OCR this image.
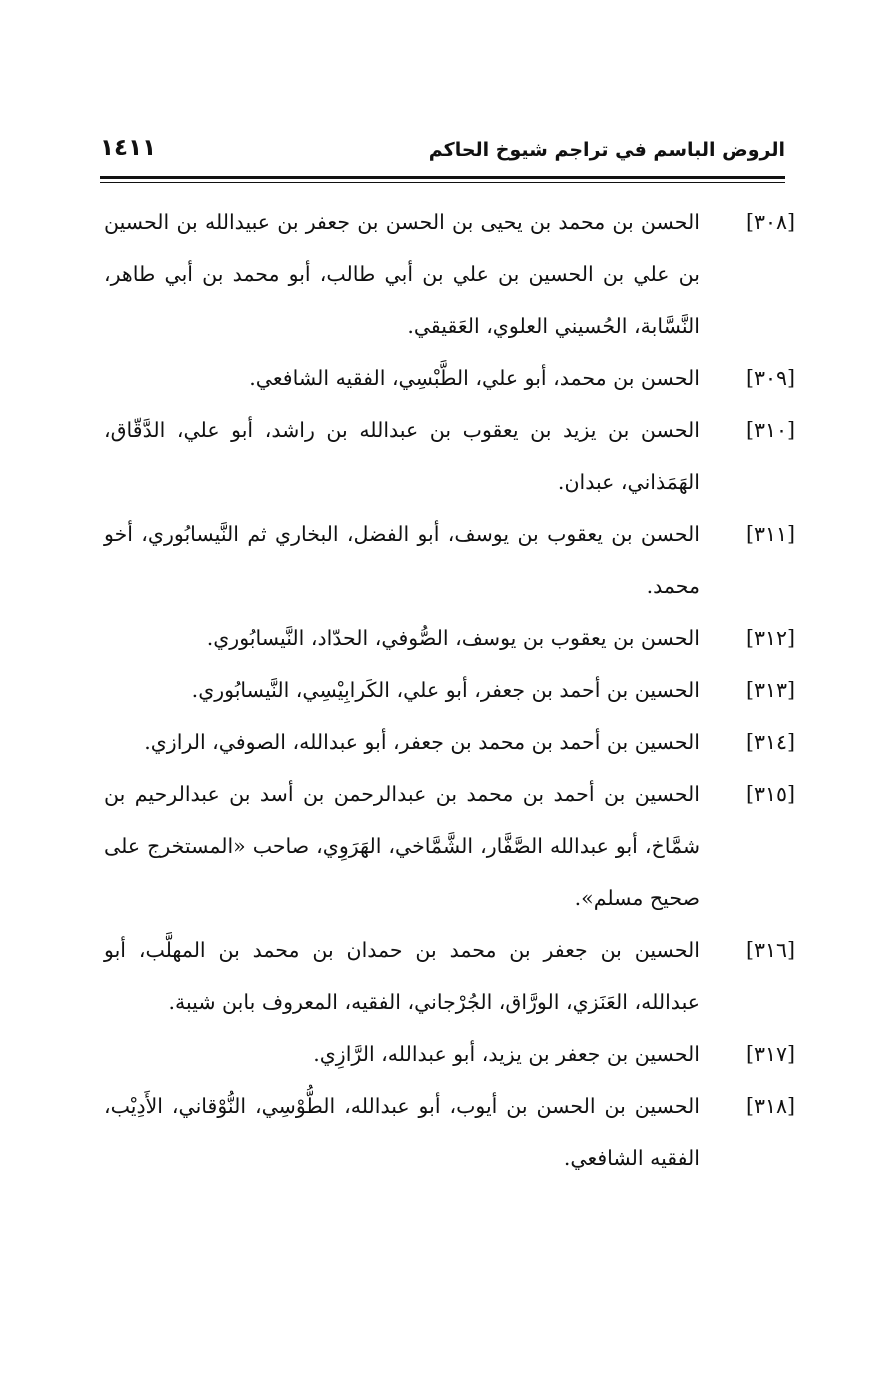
الروض الباسم في تراجم شيوخ الحاكم
١٤١١
[٣٠٨]
الحسن بن محمد بن يحيى بن الحسن بن جعفر بن عبيدالله بن الحسين بن علي بن الحسين بن علي بن أبي طالب، أبو محمد بن أبي طاهر، النَّسَّابة، الحُسيني العلوي، العَقيقي.
[٣٠٩]
الحسن بن محمد، أبو علي، الطَّبْسِي، الفقيه الشافعي.
[٣١٠]
الحسن بن يزيد بن يعقوب بن عبدالله بن راشد، أبو علي، الدَّقّاق، الهَمَذاني، عبدان.
[٣١١]
الحسن بن يعقوب بن يوسف، أبو الفضل، البخاري ثم النَّيسابُوري، أخو محمد.
[٣١٢]
الحسن بن يعقوب بن يوسف، الصُّوفي، الحدّاد، النَّيسابُوري.
[٣١٣]
الحسين بن أحمد بن جعفر، أبو علي، الكَرابِيْسِي، النَّيسابُوري.
[٣١٤]
الحسين بن أحمد بن محمد بن جعفر، أبو عبدالله، الصوفي، الرازي.
[٣١٥]
الحسين بن أحمد بن محمد بن عبدالرحمن بن أسد بن عبدالرحيم بن شمَّاخ، أبو عبدالله الصَّفَّار، الشَّمَّاخي، الهَرَوِي، صاحب «المستخرج على صحيح مسلم».
[٣١٦]
الحسين بن جعفر بن محمد بن حمدان بن محمد بن المهلَّب، أبو عبدالله، العَنَزي، الورَّاق، الجُرْجاني، الفقيه، المعروف بابن شيبة.
[٣١٧]
الحسين بن جعفر بن يزيد، أبو عبدالله، الرَّازِي.
[٣١٨]
الحسين بن الحسن بن أيوب، أبو عبدالله، الطُّوْسِي، النُّوْقاني، الأَدِيْب، الفقيه الشافعي.
